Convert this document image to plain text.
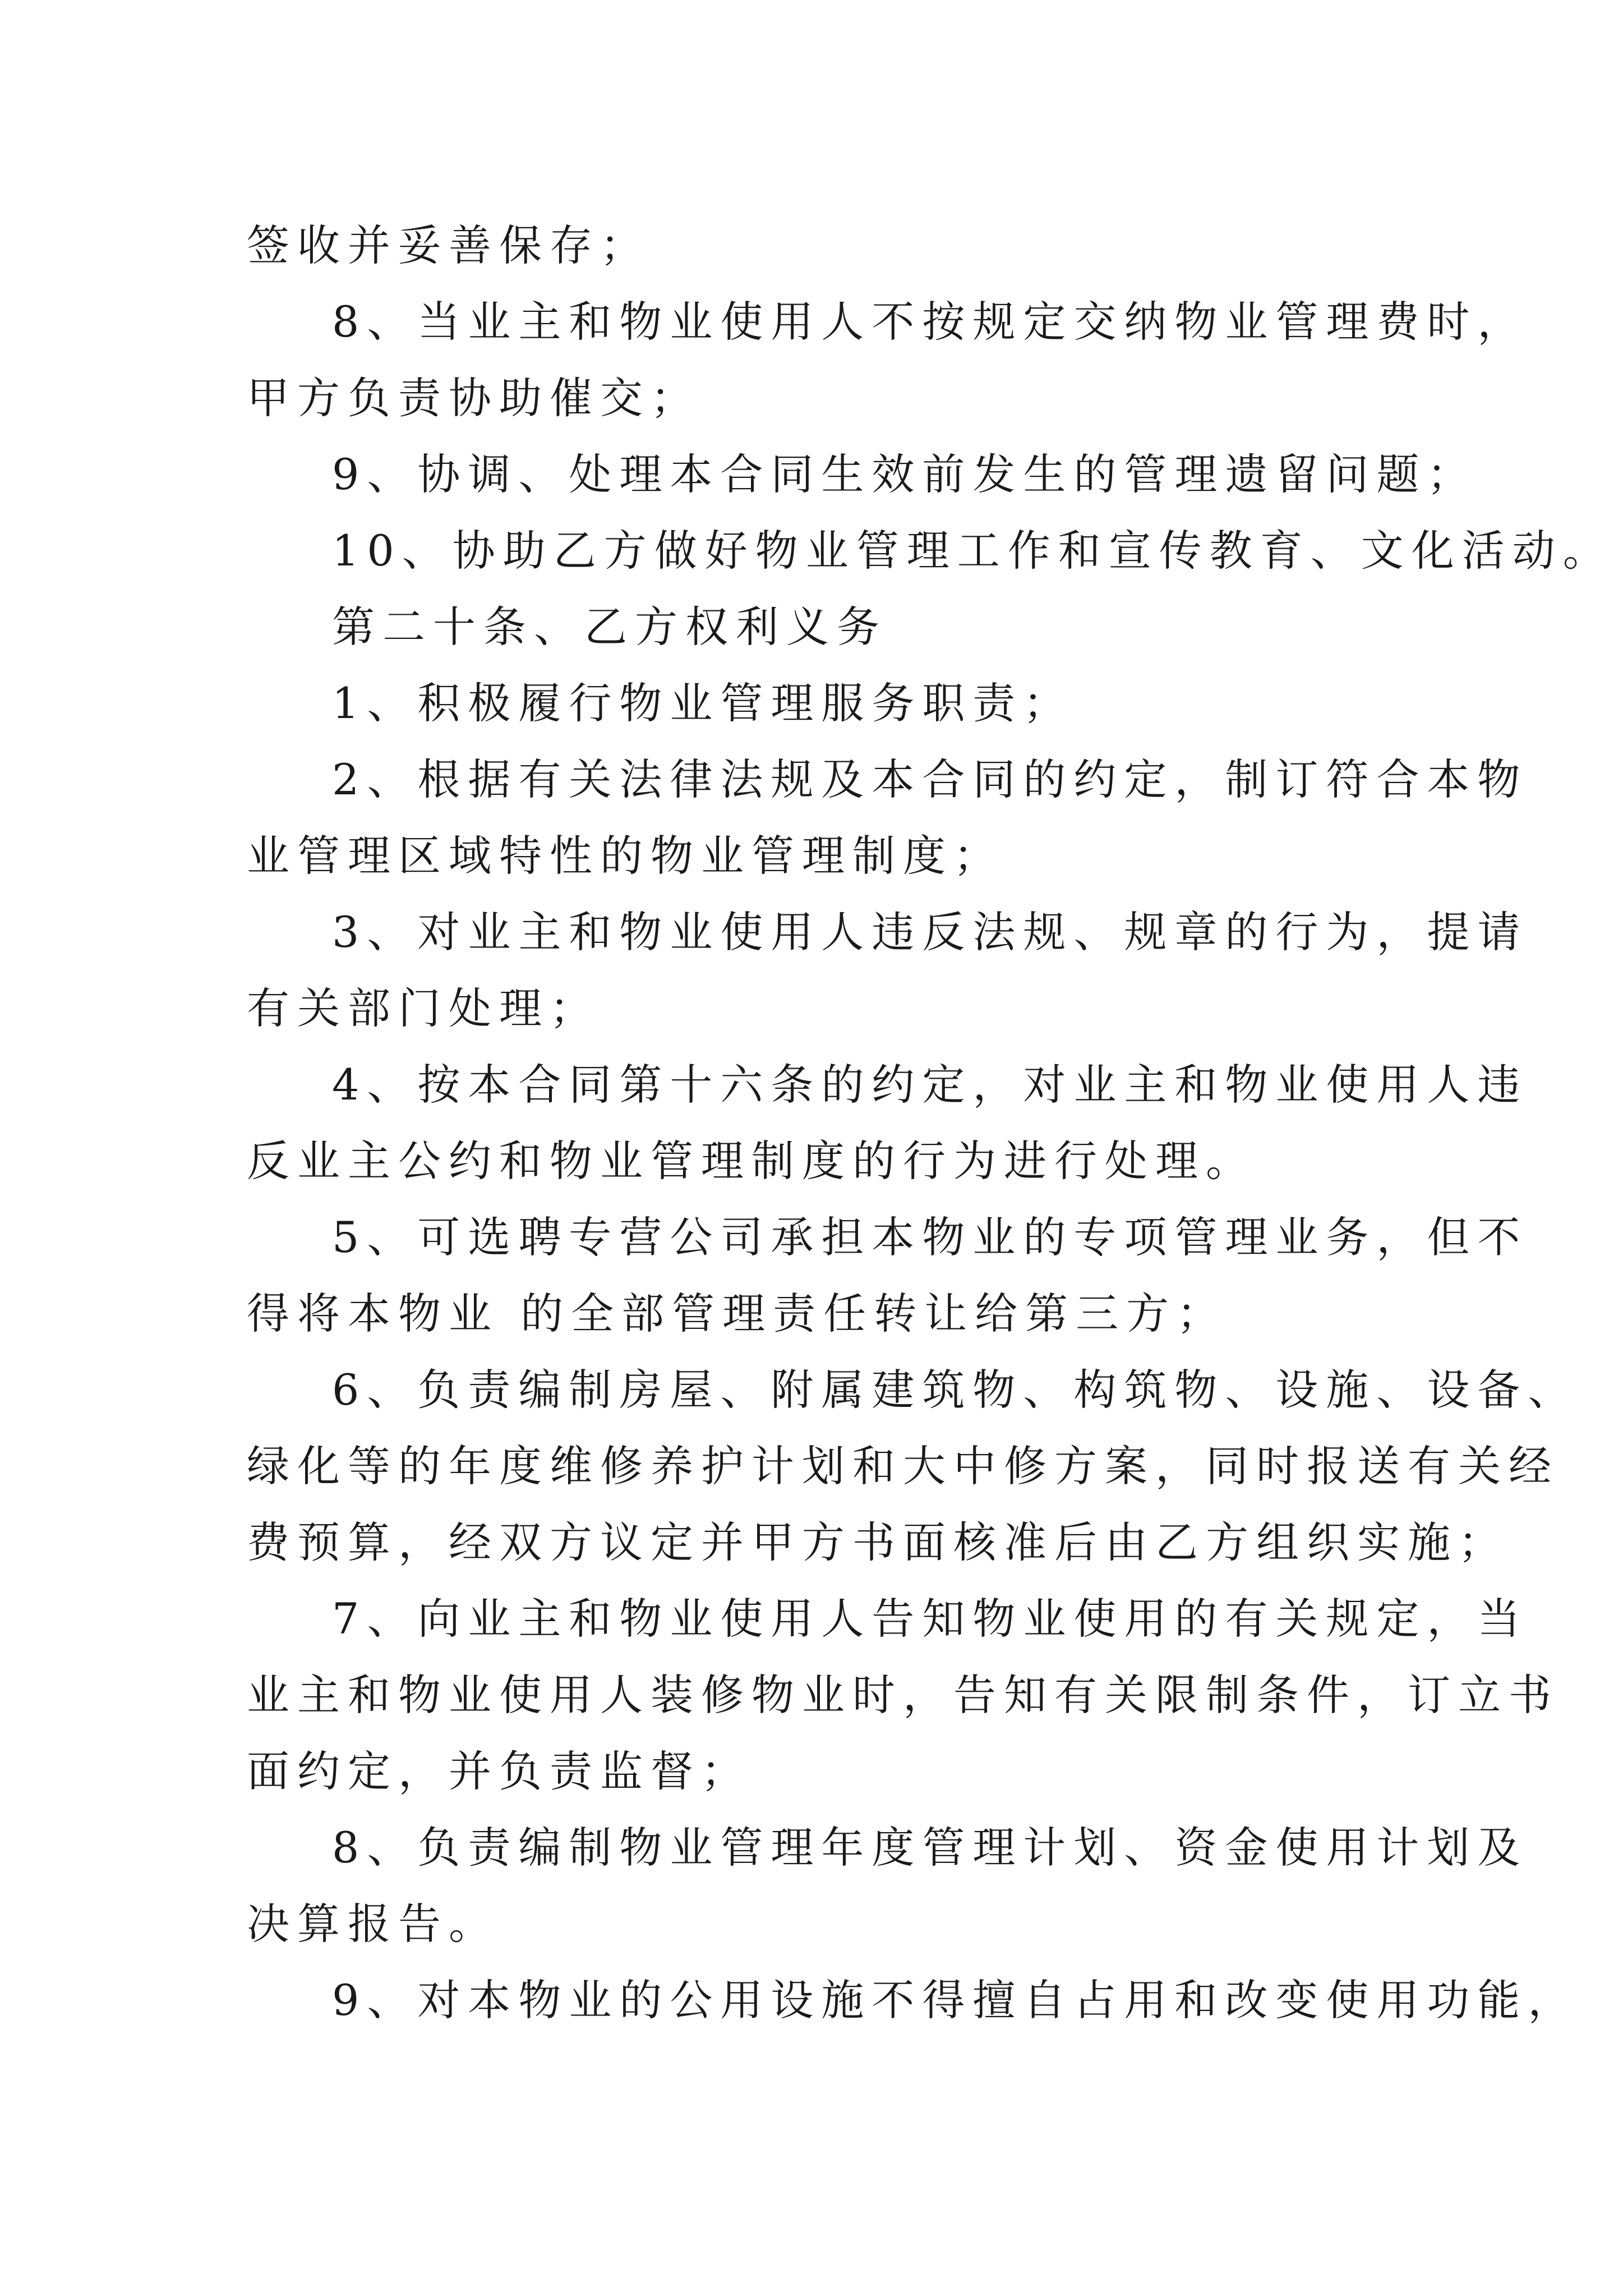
签收并妥善保存；
8、当业主和物业使用人不按规定交纳物业管理费时，
甲方负责协助催交；
9、协调、处理本合同生效前发生的管理遗留问题；
10、协助乙方做好物业管理工作和宣传教育、文化活动。
第二十条、乙方权利义务
1、积极履行物业管理服务职责；
2、根据有关法律法规及本合同的约定，制订符合本物
业管理区域特性的物业管理制度；
3、对业主和物业使用人违反法规、规章的行为，提请
有关部门处理；
4、按本合同第十六条的约定，对业主和物业使用人违
反业主公约和物业管理制度的行为进行处理。
5、可选聘专营公司承担本物业的专项管理业务，但不
得将本物业 的全部管理责任转让给第三方；
6、负责编制房屋、附属建筑物、构筑物、设施、设备、
绿化等的年度维修养护计划和大中修方案，同时报送有关经
费预算，经双方议定并甲方书面核准后由乙方组织实施；
7、向业主和物业使用人告知物业使用的有关规定，当
业主和物业使用人装修物业时，告知有关限制条件，订立书
面约定，并负责监督；
8、负责编制物业管理年度管理计划、资金使用计划及
决算报告。
9、对本物业的公用设施不得擅自占用和改变使用功能，
